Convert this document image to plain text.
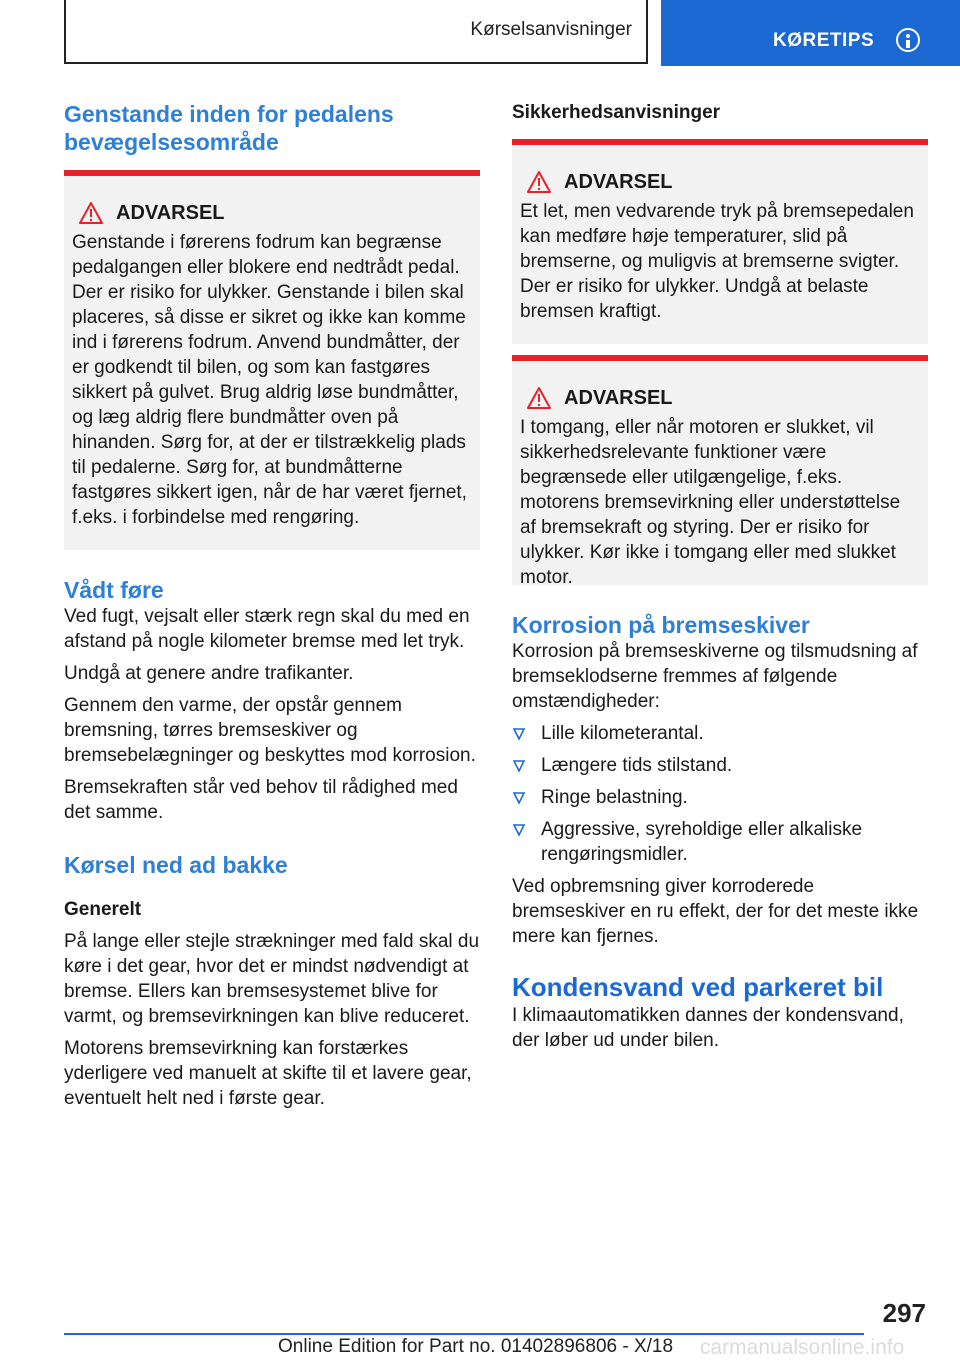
Kørselsanvisninger
KØRETIPS
Genstande inden for pedalens bevægelsesområde
ADVARSEL
Genstande i førerens fodrum kan begrænse pedalgangen eller blokere end nedtrådt pedal. Der er risiko for ulykker. Genstande i bilen skal placeres, så disse er sikret og ikke kan komme ind i førerens fodrum. Anvend bundmåtter, der er godkendt til bilen, og som kan fastgøres sikkert på gulvet. Brug aldrig løse bundmåtter, og læg aldrig flere bundmåtter oven på hinanden. Sørg for, at der er tilstrækkelig plads til pedalerne. Sørg for, at bundmåtterne fastgøres sikkert igen, når de har været fjernet, f.eks. i forbindelse med rengøring.
Vådt føre

Ved fugt, vejsalt eller stærk regn skal du med en afstand på nogle kilometer bremse med let tryk.

Undgå at genere andre trafikanter.

Gennem den varme, der opstår gennem bremsning, tørres bremseskiver og bremsebelægninger og beskyttes mod korrosion.

Bremsekraften står ved behov til rådighed med det samme.

Kørsel ned ad bakke
Generelt

På lange eller stejle strækninger med fald skal du køre i det gear, hvor det er mindst nødvendigt at bremse. Ellers kan bremsesystemet blive for varmt, og bremsevirkningen kan blive reduceret.

Motorens bremsevirkning kan forstærkes yderligere ved manuelt at skifte til et lavere gear, eventuelt helt ned i første gear.

Sikkerhedsanvisninger
ADVARSEL
Et let, men vedvarende tryk på bremsepedalen kan medføre høje temperaturer, slid på bremserne, og muligvis at bremserne svigter. Der er risiko for ulykker. Undgå at belaste bremsen kraftigt.
ADVARSEL
I tomgang, eller når motoren er slukket, vil sikkerhedsrelevante funktioner være begrænsede eller utilgængelige, f.eks. motorens bremsevirkning eller understøttelse af bremsekraft og styring. Der er risiko for ulykker. Kør ikke i tomgang eller med slukket motor.
Korrosion på bremseskiver

Korrosion på bremseskiverne og tilsmudsning af bremseklodserne fremmes af følgende omstændigheder:

Lille kilometerantal.
Længere tids stilstand.
Ringe belastning.
Aggressive, syreholdige eller alkaliske rengøringsmidler.

Ved opbremsning giver korroderede bremseskiver en ru effekt, der for det meste ikke mere kan fjernes.

Kondensvand ved parkeret bil

I klimaautomatikken dannes der kondensvand, der løber ud under bilen.

297
Online Edition for Part no. 01402896806 - X/18 carmanualsonline.info
